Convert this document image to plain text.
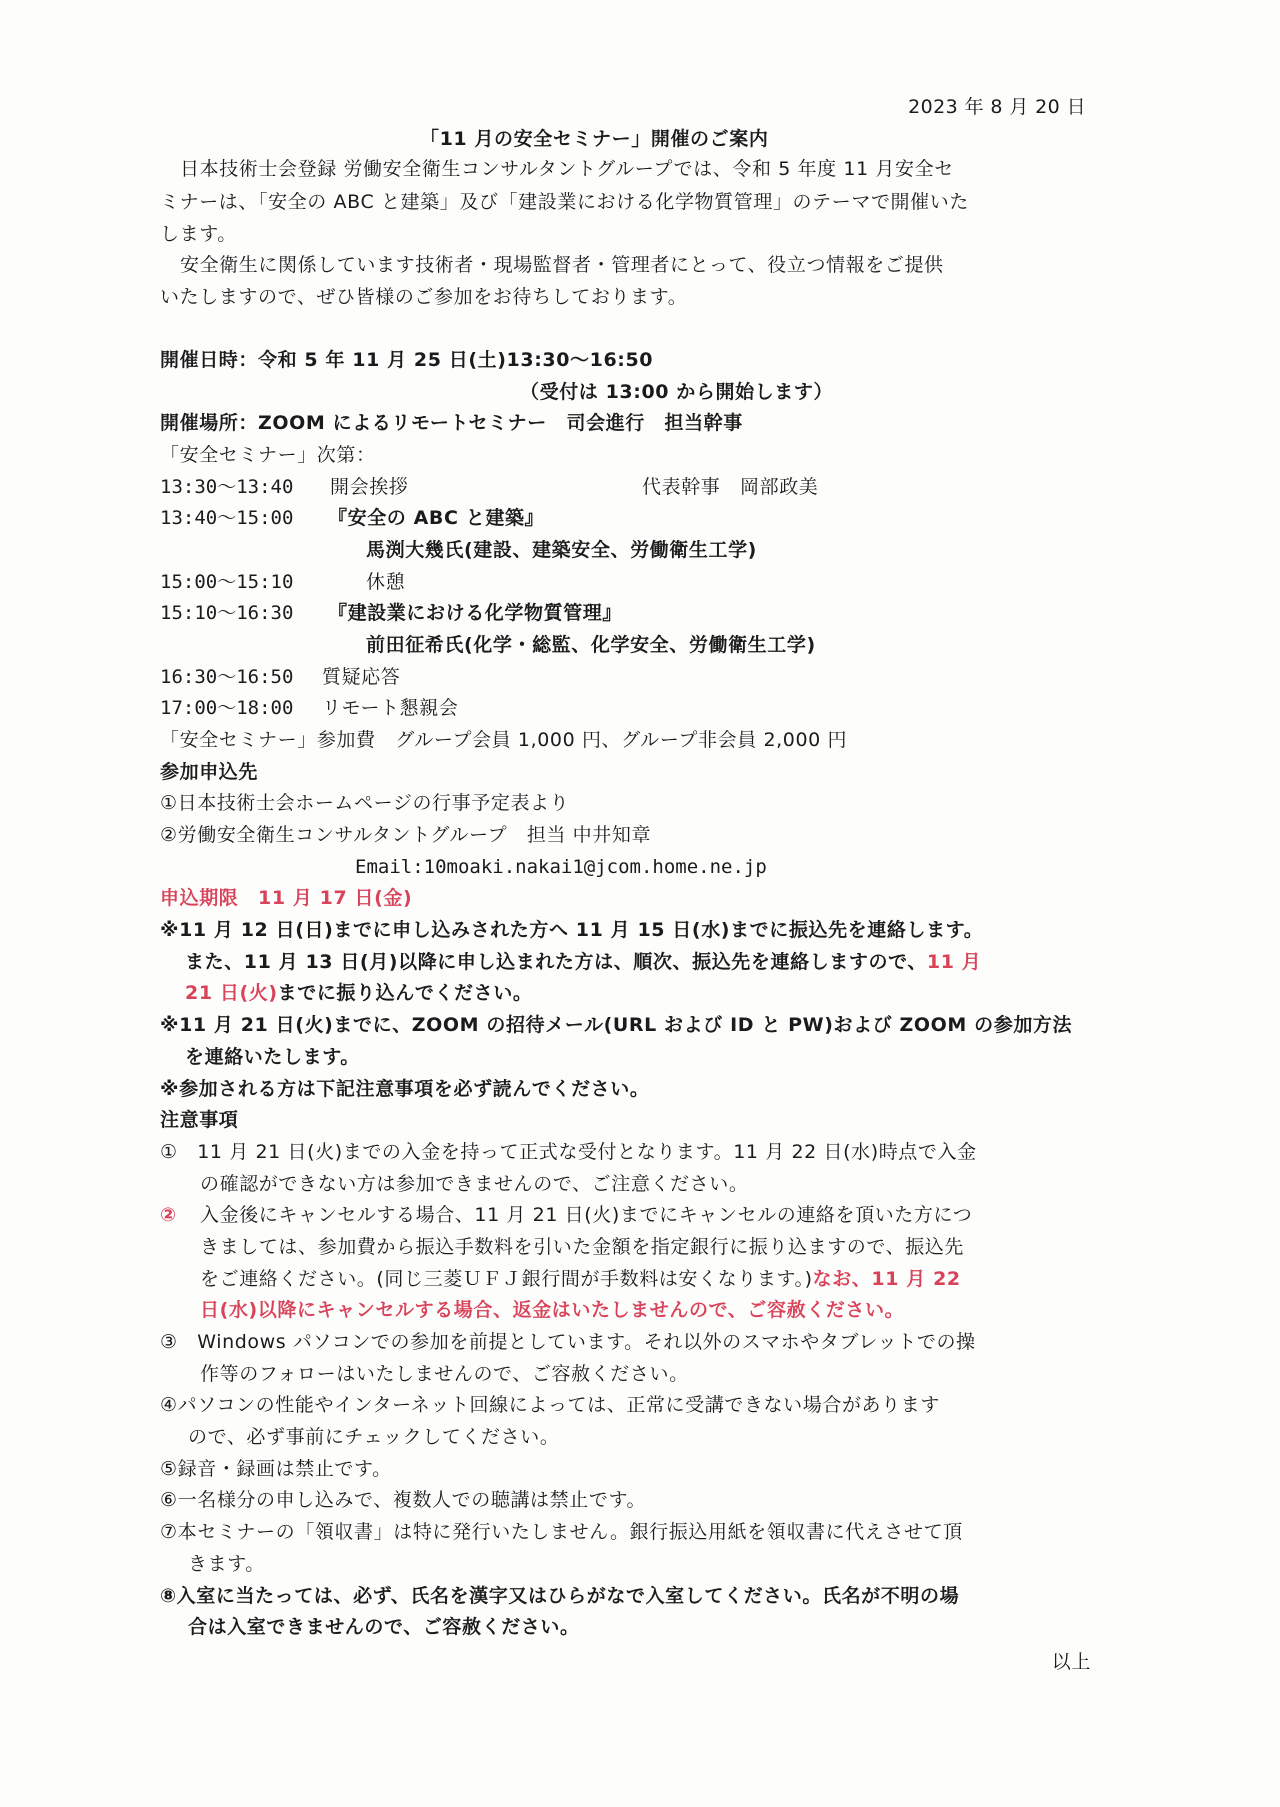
2023 年 8 月 20 日
「11 月の安全セミナー」開催のご案内
日本技術士会登録 労働安全衛生コンサルタントグループでは、令和 5 年度 11 月安全セ
ミナーは、「安全の ABC と建築」及び「建設業における化学物質管理」のテーマで開催いた
します。
安全衛生に関係しています技術者・現場監督者・管理者にとって、役立つ情報をご提供
いたしますので、ぜひ皆様のご参加をお待ちしております。
開催日時：令和 5 年 11 月 25 日(土)13:30～16:50
（受付は 13:00 から開始します）
開催場所：ZOOM によるリモートセミナー　司会進行　担当幹事
「安全セミナー」次第：
13:30～13:40 開会挨拶	代表幹事　岡部政美
13:40～15:00 『安全の ABC と建築』
馬渕大幾氏(建設、建築安全、労働衛生工学)
15:00～15:10	休憩
15:10～16:30 『建設業における化学物質管理』
前田征希氏(化学・総監、化学安全、労働衛生工学)
16:30～16:50 質疑応答
17:00～18:00 リモート懇親会
「安全セミナー」参加費　グループ会員 1,000 円、グループ非会員 2,000 円
参加申込先
①日本技術士会ホームページの行事予定表より
②労働安全衛生コンサルタントグループ　担当 中井知章
Email:10moaki.nakai1@jcom.home.ne.jp
申込期限　11 月 17 日(金)
※11 月 12 日(日)までに申し込みされた方へ 11 月 15 日(水)までに振込先を連絡します。
また、11 月 13 日(月)以降に申し込まれた方は、順次、振込先を連絡しますので、11 月
21 日(火)までに振り込んでください。
※11 月 21 日(火)までに、ZOOM の招待メール(URL および ID と PW)および ZOOM の参加方法
を連絡いたします。
※参加される方は下記注意事項を必ず読んでください。
注意事項
①　11 月 21 日(火)までの入金を持って正式な受付となります。11 月 22 日(水)時点で入金
の確認ができない方は参加できませんので、ご注意ください。
② 入金後にキャンセルする場合、11 月 21 日(火)までにキャンセルの連絡を頂いた方につ
きましては、参加費から振込手数料を引いた金額を指定銀行に振り込ますので、振込先
をご連絡ください。(同じ三菱ＵＦＪ銀行間が手数料は安くなります。)なお、11 月 22
日(水)以降にキャンセルする場合、返金はいたしませんので、ご容赦ください。
③　Windows パソコンでの参加を前提としています。それ以外のスマホやタブレットでの操
作等のフォローはいたしませんので、ご容赦ください。
④パソコンの性能やインターネット回線によっては、正常に受講できない場合があります
ので、必ず事前にチェックしてください。
⑤録音・録画は禁止です。
⑥一名様分の申し込みで、複数人での聴講は禁止です。
⑦本セミナーの「領収書」は特に発行いたしません。銀行振込用紙を領収書に代えさせて頂
きます。
⑧入室に当たっては、必ず、氏名を漢字又はひらがなで入室してください。氏名が不明の場
合は入室できませんので、ご容赦ください。
以上
